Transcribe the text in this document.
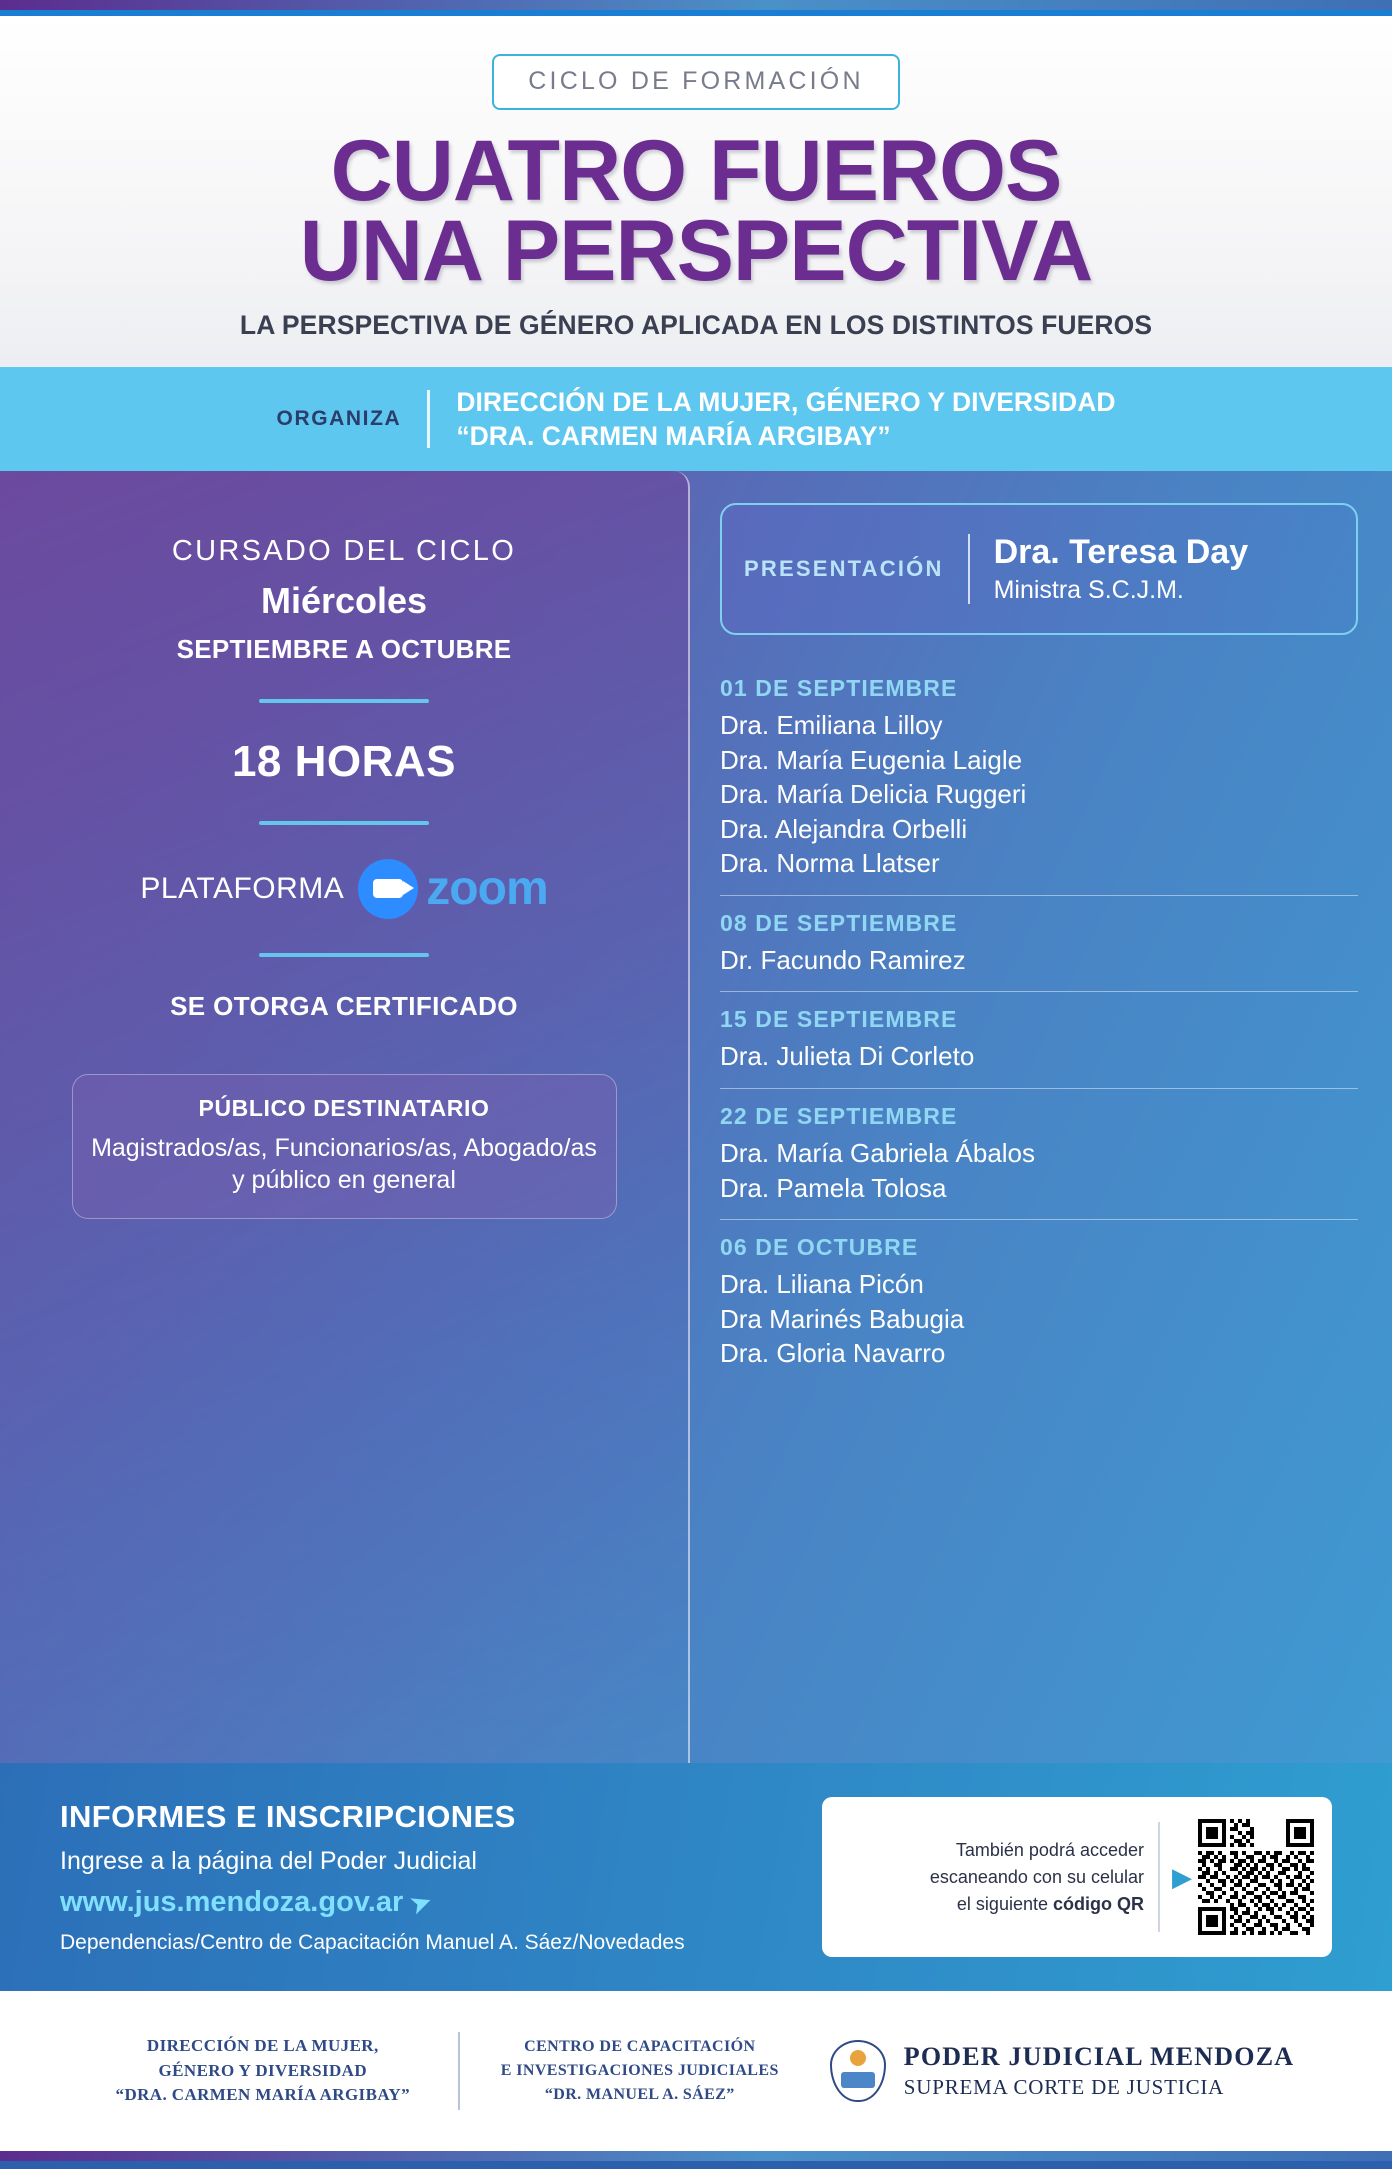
CICLO DE FORMACIÓN
CUATRO FUEROS
UNA PERSPECTIVA
LA PERSPECTIVA DE GÉNERO APLICADA EN LOS DISTINTOS FUEROS
ORGANIZA
DIRECCIÓN DE LA MUJER, GÉNERO Y DIVERSIDAD
“DRA. CARMEN MARÍA ARGIBAY”
CURSADO DEL CICLO
Miércoles
SEPTIEMBRE A OCTUBRE
18 HORAS
PLATAFORMA zoom
SE OTORGA CERTIFICADO
PÚBLICO DESTINATARIO
Magistrados/as, Funcionarios/as, Abogado/as y público en general
PRESENTACIÓN	Dra. Teresa Day
Ministra S.C.J.M.
01 DE SEPTIEMBRE
Dra. Emiliana Lilloy
Dra. María Eugenia Laigle
Dra. María Delicia Ruggeri
Dra. Alejandra Orbelli
Dra. Norma Llatser
08 DE SEPTIEMBRE
Dr. Facundo Ramirez
15 DE SEPTIEMBRE
Dra. Julieta Di Corleto
22 DE SEPTIEMBRE
Dra. María Gabriela Ábalos
Dra. Pamela Tolosa
06 DE OCTUBRE
Dra. Liliana Picón
Dra Marinés Babugia
Dra. Gloria Navarro
INFORMES E INSCRIPCIONES
Ingrese a la página del Poder Judicial
www.jus.mendoza.gov.ar ➤
Dependencias/Centro de Capacitación Manuel A. Sáez/Novedades
También podrá acceder
escaneando con su celular
el siguiente código QR
▶
DIRECCIÓN DE LA MUJER,
GÉNERO Y DIVERSIDAD
“DRA. CARMEN MARÍA ARGIBAY”
CENTRO DE CAPACITACIÓN
E INVESTIGACIONES JUDICIALES
“DR. MANUEL A. SÁEZ”
PODER JUDICIAL MENDOZA
SUPREMA CORTE DE JUSTICIA
